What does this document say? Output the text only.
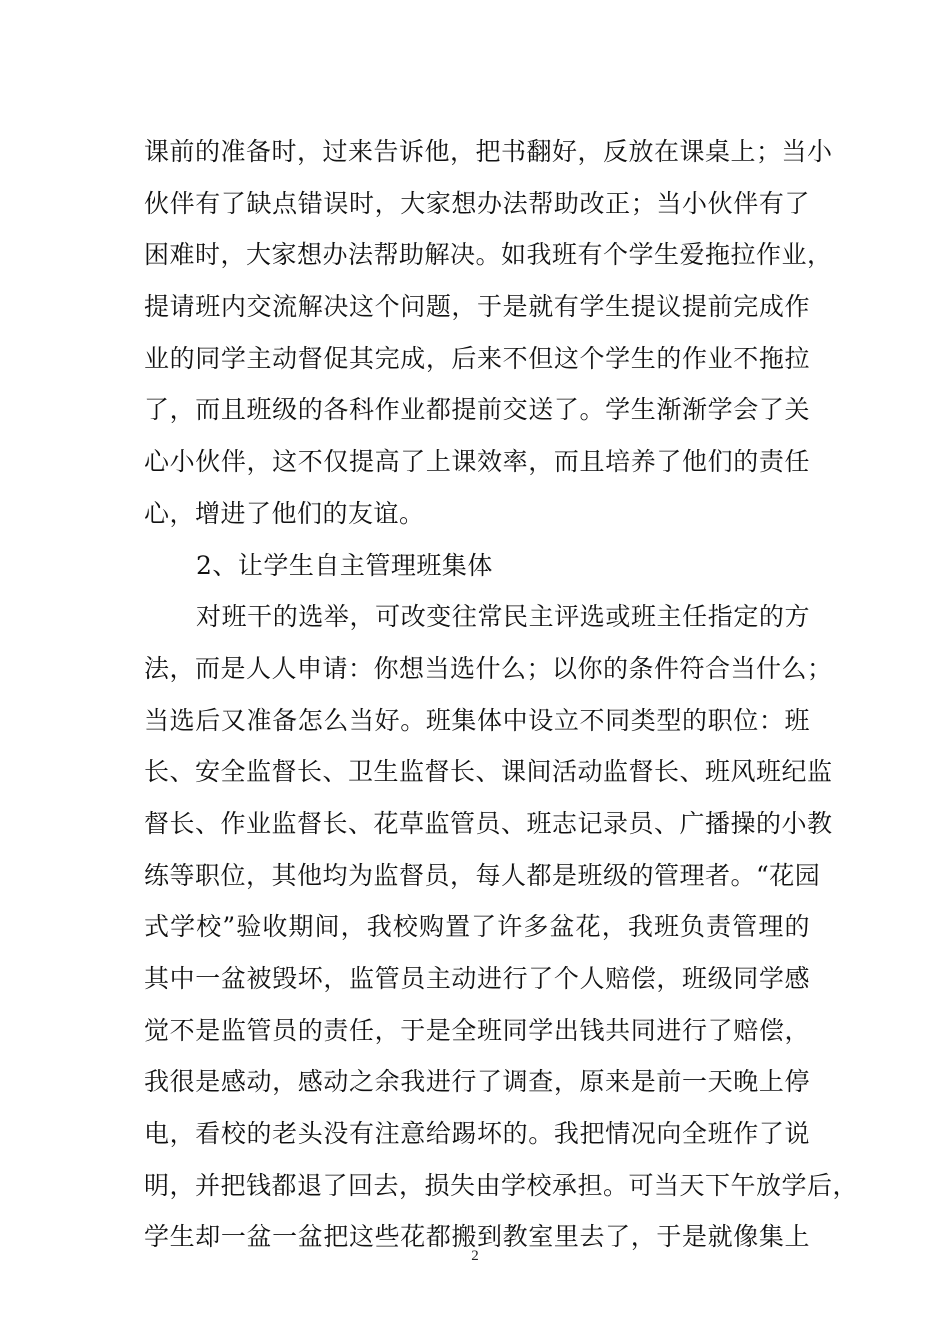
课前的准备时，过来告诉他，把书翻好，反放在课桌上；当小
伙伴有了缺点错误时，大家想办法帮助改正；当小伙伴有了
困难时，大家想办法帮助解决。如我班有个学生爱拖拉作业，
提请班内交流解决这个问题，于是就有学生提议提前完成作
业的同学主动督促其完成，后来不但这个学生的作业不拖拉
了，而且班级的各科作业都提前交送了。学生渐渐学会了关
心小伙伴，这不仅提高了上课效率，而且培养了他们的责任
心，增进了他们的友谊。
2、让学生自主管理班集体
对班干的选举，可改变往常民主评选或班主任指定的方
法，而是人人申请：你想当选什么；以你的条件符合当什么；
当选后又准备怎么当好。班集体中设立不同类型的职位：班
长、安全监督长、卫生监督长、课间活动监督长、班风班纪监
督长、作业监督长、花草监管员、班志记录员、广播操的小教
练等职位，其他均为监督员，每人都是班级的管理者。“花园
式学校”验收期间，我校购置了许多盆花，我班负责管理的
其中一盆被毁坏，监管员主动进行了个人赔偿，班级同学感
觉不是监管员的责任，于是全班同学出钱共同进行了赔偿，
我很是感动，感动之余我进行了调查，原来是前一天晚上停
电，看校的老头没有注意给踢坏的。我把情况向全班作了说
明，并把钱都退了回去，损失由学校承担。可当天下午放学后，
学生却一盆一盆把这些花都搬到教室里去了，于是就像集上
2
